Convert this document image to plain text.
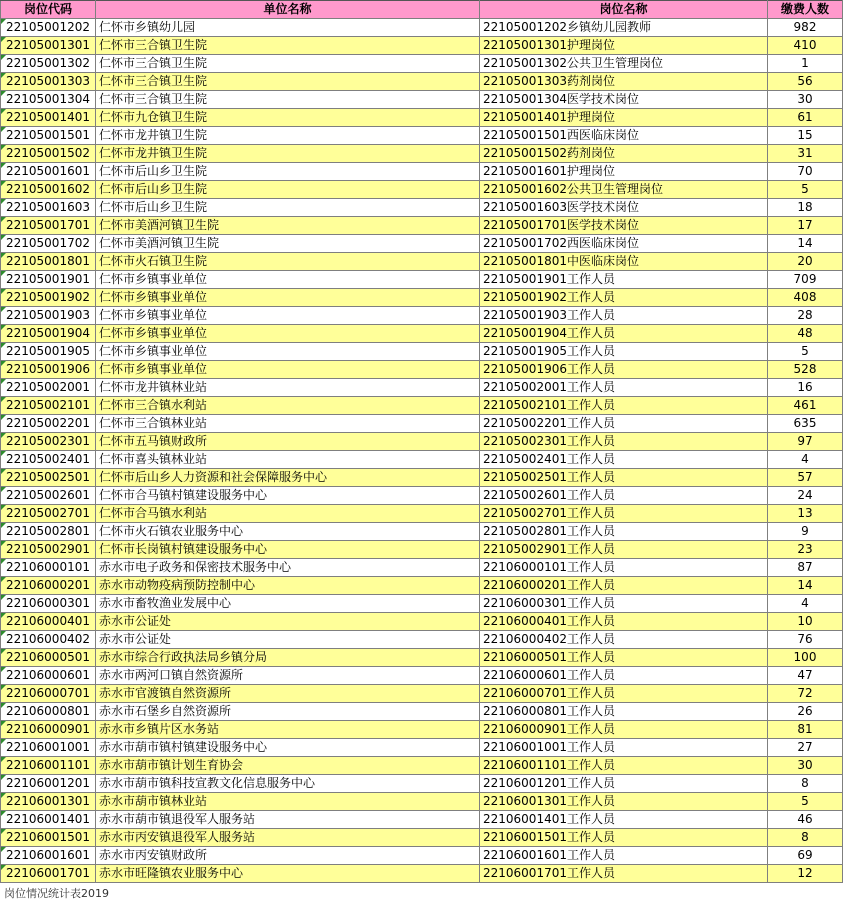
岗位代码	单位名称	岗位名称	缴费人数
22105001202	仁怀市乡镇幼儿园	22105001202乡镇幼儿园教师	982
22105001301	仁怀市三合镇卫生院	22105001301护理岗位	410
22105001302	仁怀市三合镇卫生院	22105001302公共卫生管理岗位	1
22105001303	仁怀市三合镇卫生院	22105001303药剂岗位	56
22105001304	仁怀市三合镇卫生院	22105001304医学技术岗位	30
22105001401	仁怀市九仓镇卫生院	22105001401护理岗位	61
22105001501	仁怀市龙井镇卫生院	22105001501西医临床岗位	15
22105001502	仁怀市龙井镇卫生院	22105001502药剂岗位	31
22105001601	仁怀市后山乡卫生院	22105001601护理岗位	70
22105001602	仁怀市后山乡卫生院	22105001602公共卫生管理岗位	5
22105001603	仁怀市后山乡卫生院	22105001603医学技术岗位	18
22105001701	仁怀市美酒河镇卫生院	22105001701医学技术岗位	17
22105001702	仁怀市美酒河镇卫生院	22105001702西医临床岗位	14
22105001801	仁怀市火石镇卫生院	22105001801中医临床岗位	20
22105001901	仁怀市乡镇事业单位	22105001901工作人员	709
22105001902	仁怀市乡镇事业单位	22105001902工作人员	408
22105001903	仁怀市乡镇事业单位	22105001903工作人员	28
22105001904	仁怀市乡镇事业单位	22105001904工作人员	48
22105001905	仁怀市乡镇事业单位	22105001905工作人员	5
22105001906	仁怀市乡镇事业单位	22105001906工作人员	528
22105002001	仁怀市龙井镇林业站	22105002001工作人员	16
22105002101	仁怀市三合镇水利站	22105002101工作人员	461
22105002201	仁怀市三合镇林业站	22105002201工作人员	635
22105002301	仁怀市五马镇财政所	22105002301工作人员	97
22105002401	仁怀市喜头镇林业站	22105002401工作人员	4
22105002501	仁怀市后山乡人力资源和社会保障服务中心	22105002501工作人员	57
22105002601	仁怀市合马镇村镇建设服务中心	22105002601工作人员	24
22105002701	仁怀市合马镇水利站	22105002701工作人员	13
22105002801	仁怀市火石镇农业服务中心	22105002801工作人员	9
22105002901	仁怀市长岗镇村镇建设服务中心	22105002901工作人员	23
22106000101	赤水市电子政务和保密技术服务中心	22106000101工作人员	87
22106000201	赤水市动物疫病预防控制中心	22106000201工作人员	14
22106000301	赤水市畜牧渔业发展中心	22106000301工作人员	4
22106000401	赤水市公证处	22106000401工作人员	10
22106000402	赤水市公证处	22106000402工作人员	76
22106000501	赤水市综合行政执法局乡镇分局	22106000501工作人员	100
22106000601	赤水市两河口镇自然资源所	22106000601工作人员	47
22106000701	赤水市官渡镇自然资源所	22106000701工作人员	72
22106000801	赤水市石堡乡自然资源所	22106000801工作人员	26
22106000901	赤水市乡镇片区水务站	22106000901工作人员	81
22106001001	赤水市葫市镇村镇建设服务中心	22106001001工作人员	27
22106001101	赤水市葫市镇计划生育协会	22106001101工作人员	30
22106001201	赤水市葫市镇科技宣教文化信息服务中心	22106001201工作人员	8
22106001301	赤水市葫市镇林业站	22106001301工作人员	5
22106001401	赤水市葫市镇退役军人服务站	22106001401工作人员	46
22106001501	赤水市丙安镇退役军人服务站	22106001501工作人员	8
22106001601	赤水市丙安镇财政所	22106001601工作人员	69
22106001701	赤水市旺隆镇农业服务中心	22106001701工作人员	12
岗位情况统计表2019
